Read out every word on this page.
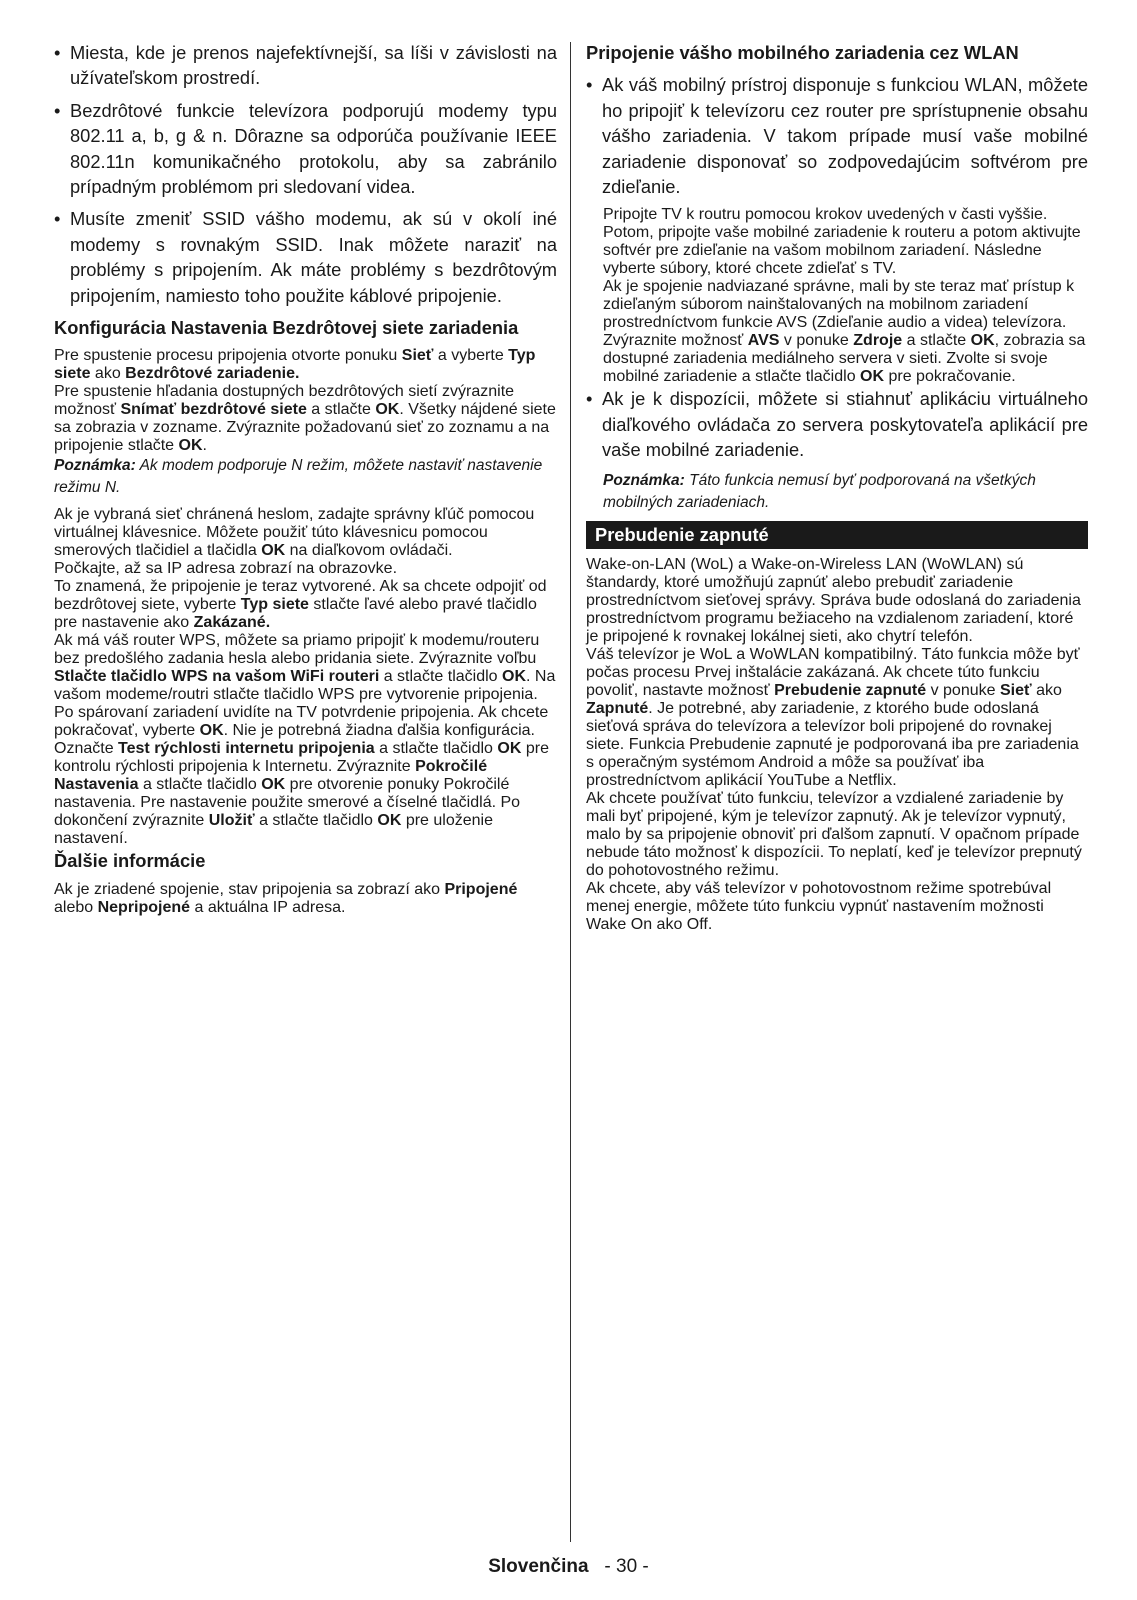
• Miesta, kde je prenos najefektívnejší, sa líši v závislosti na užívateľskom prostredí.
• Bezdrôtové funkcie televízora podporujú modemy typu 802.11 a, b, g & n. Dôrazne sa odporúča používanie IEEE 802.11n komunikačného protokolu, aby sa zabránilo prípadným problémom pri sledovaní videa.
• Musíte zmeniť SSID vášho modemu, ak sú v okolí iné modemy s rovnakým SSID. Inak môžete naraziť na problémy s pripojením. Ak máte problémy s bezdrôtovým pripojením, namiesto toho použite káblové pripojenie.
Konfigurácia Nastavenia Bezdrôtovej siete zariadenia
Pre spustenie procesu pripojenia otvorte ponuku Sieť a vyberte Typ siete ako Bezdrôtové zariadenie.
Pre spustenie hľadania dostupných bezdrôtových sietí zvýraznite možnosť Snímať bezdrôtové siete a stlačte OK. Všetky nájdené siete sa zobrazia v zozname. Zvýraznite požadovanú sieť zo zoznamu a na pripojenie stlačte OK.
Poznámka: Ak modem podporuje N režim, môžete nastaviť nastavenie režimu N.
Ak je vybraná sieť chránená heslom, zadajte správny kľúč pomocou virtuálnej klávesnice. Môžete použiť túto klávesnicu pomocou smerových tlačidiel a tlačidla OK na diaľkovom ovládači.
Počkajte, až sa IP adresa zobrazí na obrazovke.
To znamená, že pripojenie je teraz vytvorené. Ak sa chcete odpojiť od bezdrôtovej siete, vyberte Typ siete stlačte ľavé alebo pravé tlačidlo pre nastavenie ako Zakázané.
Ak má váš router WPS, môžete sa priamo pripojiť k modemu/routeru bez predošlého zadania hesla alebo pridania siete. Zvýraznite voľbu Stlačte tlačidlo WPS na vašom WiFi routeri a stlačte tlačidlo OK. Na vašom modeme/routri stlačte tlačidlo WPS pre vytvorenie pripojenia. Po spárovaní zariadení uvidíte na TV potvrdenie pripojenia. Ak chcete pokračovať, vyberte OK. Nie je potrebná žiadna ďalšia konfigurácia.
Označte Test rýchlosti internetu pripojenia a stlačte tlačidlo OK pre kontrolu rýchlosti pripojenia k Internetu. Zvýraznite Pokročilé Nastavenia a stlačte tlačidlo OK pre otvorenie ponuky Pokročilé nastavenia. Pre nastavenie použite smerové a číselné tlačidlá. Po dokončení zvýraznite Uložiť a stlačte tlačidlo OK pre uloženie nastavení.
Ďalšie informácie
Ak je zriadené spojenie, stav pripojenia sa zobrazí ako Pripojené alebo Nepripojené a aktuálna IP adresa.
Pripojenie vášho mobilného zariadenia cez WLAN
• Ak váš mobilný prístroj disponuje s funkciou WLAN, môžete ho pripojiť k televízoru cez router pre sprístupnenie obsahu vášho zariadenia. V takom prípade musí vaše mobilné zariadenie disponovať so zodpovedajúcim softvérom pre zdieľanie.
Pripojte TV k routru pomocou krokov uvedených v časti vyššie.
Potom, pripojte vaše mobilné zariadenie k routeru a potom aktivujte softvér pre zdieľanie na vašom mobilnom zariadení. Následne vyberte súbory, ktoré chcete zdieľať s TV.
Ak je spojenie nadviazané správne, mali by ste teraz mať prístup k zdieľaným súborom nainštalovaných na mobilnom zariadení prostredníctvom funkcie AVS (Zdieľanie audio a videa) televízora.
Zvýraznite možnosť AVS v ponuke Zdroje a stlačte OK, zobrazia sa dostupné zariadenia mediálneho servera v sieti. Zvolte si svoje mobilné zariadenie a stlačte tlačidlo OK pre pokračovanie.
• Ak je k dispozícii, môžete si stiahnuť aplikáciu virtuálneho diaľkového ovládača zo servera poskytovateľa aplikácií pre vaše mobilné zariadenie.
Poznámka: Táto funkcia nemusí byť podporovaná na všetkých mobilných zariadeniach.
Prebudenie zapnuté
Wake-on-LAN (WoL) a Wake-on-Wireless LAN (WoWLAN) sú štandardy, ktoré umožňujú zapnúť alebo prebudiť zariadenie prostredníctvom sieťovej správy. Správa bude odoslaná do zariadenia prostredníctvom programu bežiaceho na vzdialenom zariadení, ktoré je pripojené k rovnakej lokálnej sieti, ako chytrí telefón.
Váš televízor je WoL a WoWLAN kompatibilný. Táto funkcia môže byť počas procesu Prvej inštalácie zakázaná. Ak chcete túto funkciu povoliť, nastavte možnosť Prebudenie zapnuté v ponuke Sieť ako Zapnuté. Je potrebné, aby zariadenie, z ktorého bude odoslaná sieťová správa do televízora a televízor boli pripojené do rovnakej siete. Funkcia Prebudenie zapnuté je podporovaná iba pre zariadenia s operačným systémom Android a môže sa používať iba prostredníctvom aplikácií YouTube a Netflix.
Ak chcete používať túto funkciu, televízor a vzdialené zariadenie by mali byť pripojené, kým je televízor zapnutý. Ak je televízor vypnutý, malo by sa pripojenie obnoviť pri ďalšom zapnutí. V opačnom prípade nebude táto možnosť k dispozícii. To neplatí, keď je televízor prepnutý do pohotovostného režimu.
Ak chcete, aby váš televízor v pohotovostnom režime spotrebúval menej energie, môžete túto funkciu vypnúť nastavením možnosti Wake On ako Off.
Slovenčina - 30 -
